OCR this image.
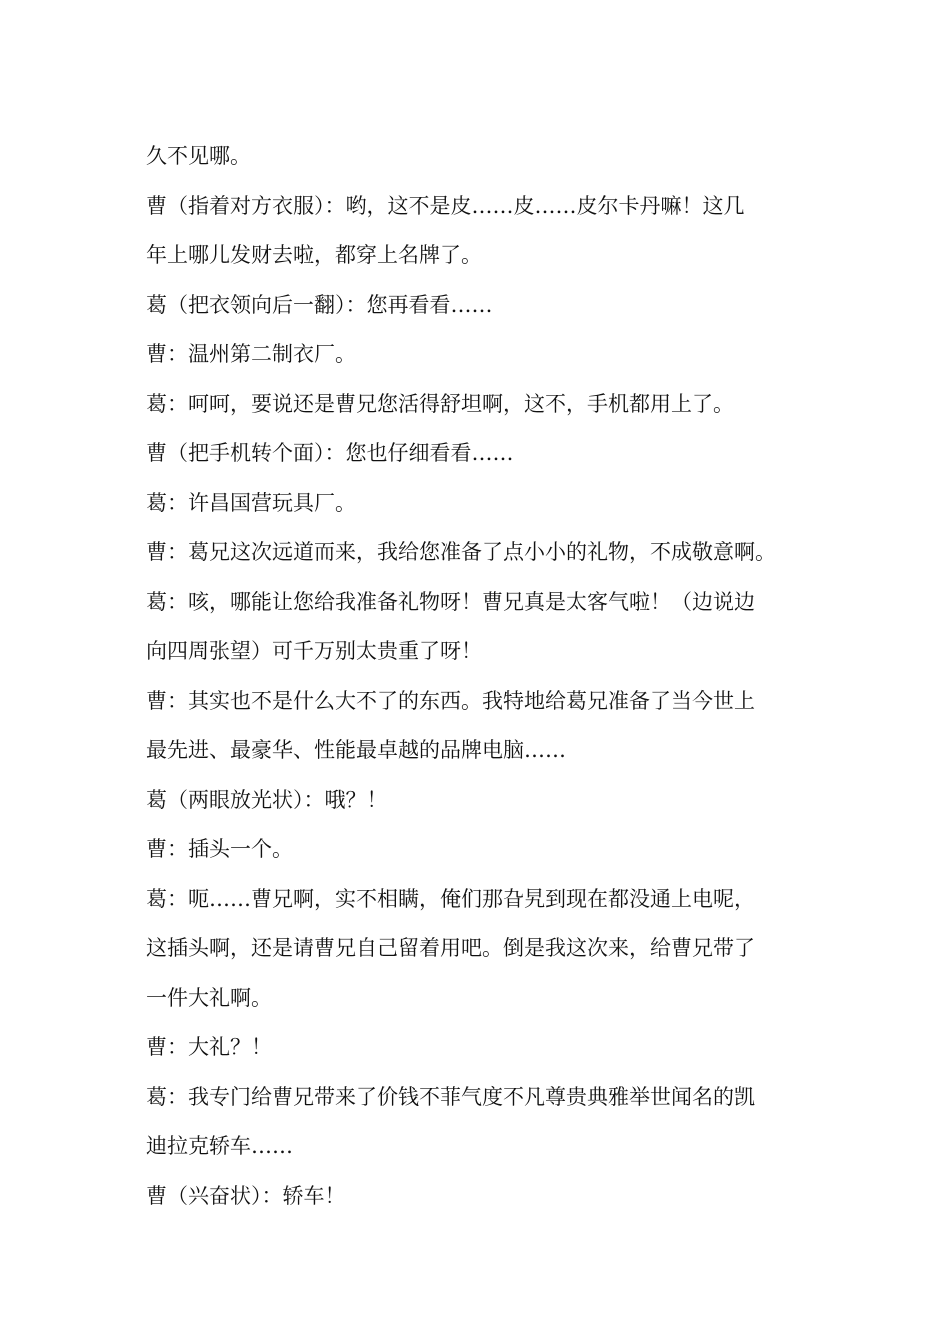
久不见哪。
曹（指着对方衣服）：哟，这不是皮……皮……皮尔卡丹嘛！这几
年上哪儿发财去啦，都穿上名牌了。
葛（把衣领向后一翻）：您再看看……
曹：温州第二制衣厂。
葛：呵呵，要说还是曹兄您活得舒坦啊，这不，手机都用上了。
曹（把手机转个面）：您也仔细看看……
葛：许昌国营玩具厂。
曹：葛兄这次远道而来，我给您准备了点小小的礼物，不成敬意啊。
葛：咳，哪能让您给我准备礼物呀！曹兄真是太客气啦！（边说边
向四周张望）可千万别太贵重了呀！
曹：其实也不是什么大不了的东西。我特地给葛兄准备了当今世上
最先进、最豪华、性能最卓越的品牌电脑……
葛（两眼放光状）：哦？！
曹：插头一个。
葛：呃……曹兄啊，实不相瞒，俺们那旮旯到现在都没通上电呢，
这插头啊，还是请曹兄自己留着用吧。倒是我这次来，给曹兄带了
一件大礼啊。
曹：大礼？！
葛：我专门给曹兄带来了价钱不菲气度不凡尊贵典雅举世闻名的凯
迪拉克轿车……
曹（兴奋状）：轿车！
